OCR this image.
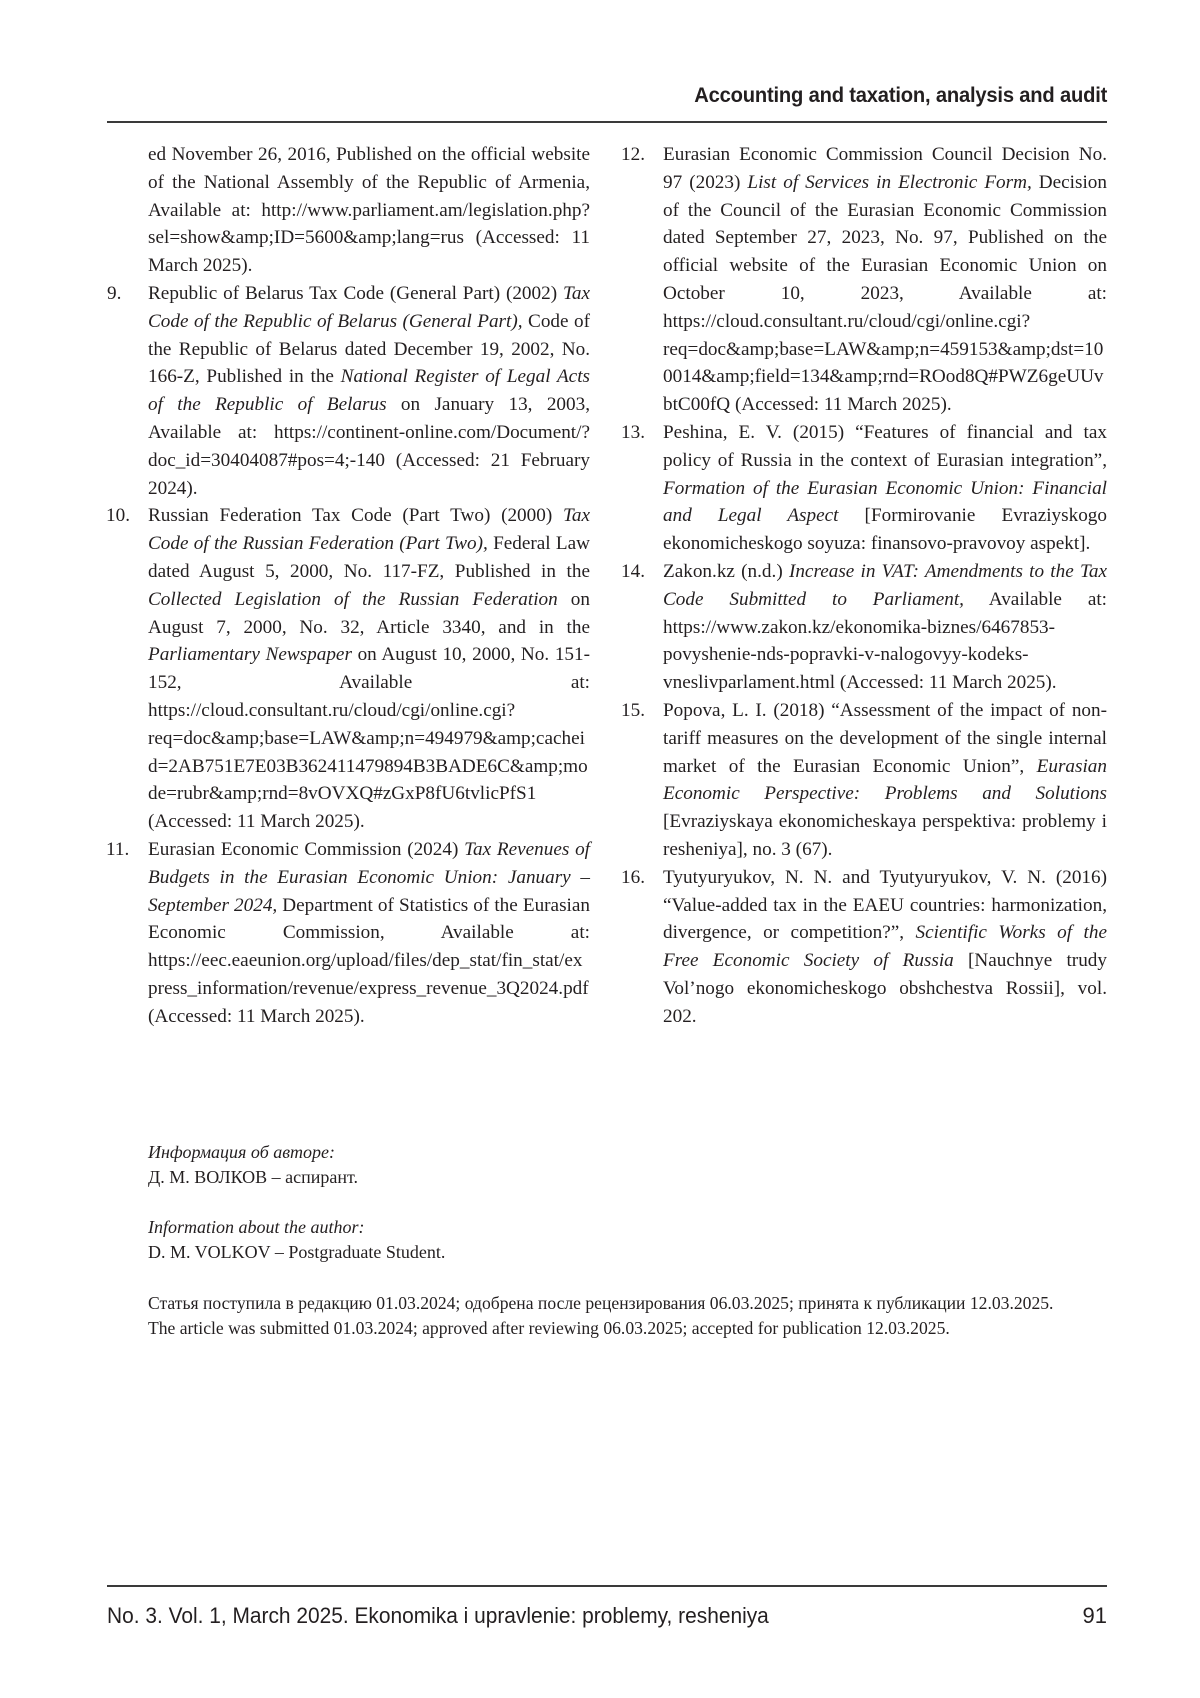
Accounting and taxation, analysis and audit
ed November 26, 2016, Published on the official website of the National Assembly of the Republic of Armenia, Available at: http://www.parliament.am/legislation.php?sel=show&amp;ID=5600&amp;lang=rus (Accessed: 11 March 2025).
9. Republic of Belarus Tax Code (General Part) (2002) Tax Code of the Republic of Belarus (General Part), Code of the Republic of Belarus dated December 19, 2002, No. 166-Z, Published in the National Register of Legal Acts of the Republic of Belarus on January 13, 2003, Available at: https://continent-online.com/Document/?doc_id=30404087#pos=4;-140 (Accessed: 21 February 2024).
10. Russian Federation Tax Code (Part Two) (2000) Tax Code of the Russian Federation (Part Two), Federal Law dated August 5, 2000, No. 117-FZ, Published in the Collected Legislation of the Russian Federation on August 7, 2000, No. 32, Article 3340, and in the Parliamentary Newspaper on August 10, 2000, No. 151-152, Available at: https://cloud.consultant.ru/cloud/cgi/online.cgi?req=doc&amp;base=LAW&amp;n=494979&amp;cacheid=2AB751E7E03B362411479894B3BADE6C&amp;mode=rubr&amp;rnd=8vOVXQ#zGxP8fU6tvlicPfS1 (Accessed: 11 March 2025).
11. Eurasian Economic Commission (2024) Tax Revenues of Budgets in the Eurasian Economic Union: January – September 2024, Department of Statistics of the Eurasian Economic Commission, Available at: https://eec.eaeunion.org/upload/files/dep_stat/fin_stat/express_information/revenue/express_revenue_3Q2024.pdf (Accessed: 11 March 2025).
12. Eurasian Economic Commission Council Decision No. 97 (2023) List of Services in Electronic Form, Decision of the Council of the Eurasian Economic Commission dated September 27, 2023, No. 97, Published on the official website of the Eurasian Economic Union on October 10, 2023, Available at: https://cloud.consultant.ru/cloud/cgi/online.cgi?req=doc&amp;base=LAW&amp;n=459153&amp;dst=100014&amp;field=134&amp;rnd=ROod8Q#PWZ6geUUvbtC00fQ (Accessed: 11 March 2025).
13. Peshina, E. V. (2015) “Features of financial and tax policy of Russia in the context of Eurasian integration”, Formation of the Eurasian Economic Union: Financial and Legal Aspect [Formirovanie Evraziyskogo ekonomicheskogo soyuza: finansovo-pravovoy aspekt].
14. Zakon.kz (n.d.) Increase in VAT: Amendments to the Tax Code Submitted to Parliament, Available at: https://www.zakon.kz/ekonomika-biznes/6467853-povyshenie-nds-popravki-v-nalogovyy-kodeks-vneslivparlament.html (Accessed: 11 March 2025).
15. Popova, L. I. (2018) “Assessment of the impact of non-tariff measures on the development of the single internal market of the Eurasian Economic Union”, Eurasian Economic Perspective: Problems and Solutions [Evraziyskaya ekonomicheskaya perspektiva: problemy i resheniya], no. 3 (67).
16. Tyutyuryukov, N. N. and Tyutyuryukov, V. N. (2016) “Value-added tax in the EAEU countries: harmonization, divergence, or competition?”, Scientific Works of the Free Economic Society of Russia [Nauchnye trudy Vol’nogo ekonomicheskogo obshchestva Rossii], vol. 202.
Информация об авторе:
Д. М. ВОЛКОВ – аспирант.
Information about the author:
D. M. VOLKOV – Postgraduate Student.
Статья поступила в редакцию 01.03.2024; одобрена после рецензирования 06.03.2025; принята к публикации 12.03.2025.
The article was submitted 01.03.2024; approved after reviewing 06.03.2025; accepted for publication 12.03.2025.
No. 3. Vol. 1, March 2025. Ekonomika i upravlenie: problemy, resheniya	91
